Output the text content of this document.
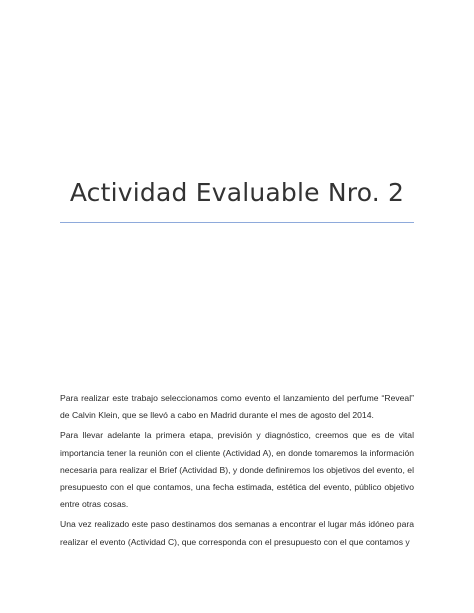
Actividad Evaluable Nro. 2

Para realizar este trabajo seleccionamos como evento el lanzamiento del perfume “Reveal” de Calvin Klein, que se llevó a cabo en Madrid durante el mes de agosto del 2014.

Para llevar adelante la primera etapa, previsión y diagnóstico, creemos que es de vital importancia tener la reunión con el cliente (Actividad A), en donde tomaremos la información necesaria para realizar el Brief (Actividad B), y donde definiremos los objetivos del evento, el presupuesto con el que contamos, una fecha estimada, estética del evento, público objetivo entre otras cosas.

Una vez realizado este paso destinamos dos semanas a encontrar el lugar más idóneo para realizar el evento (Actividad C), que corresponda con el presupuesto con el que contamos y
